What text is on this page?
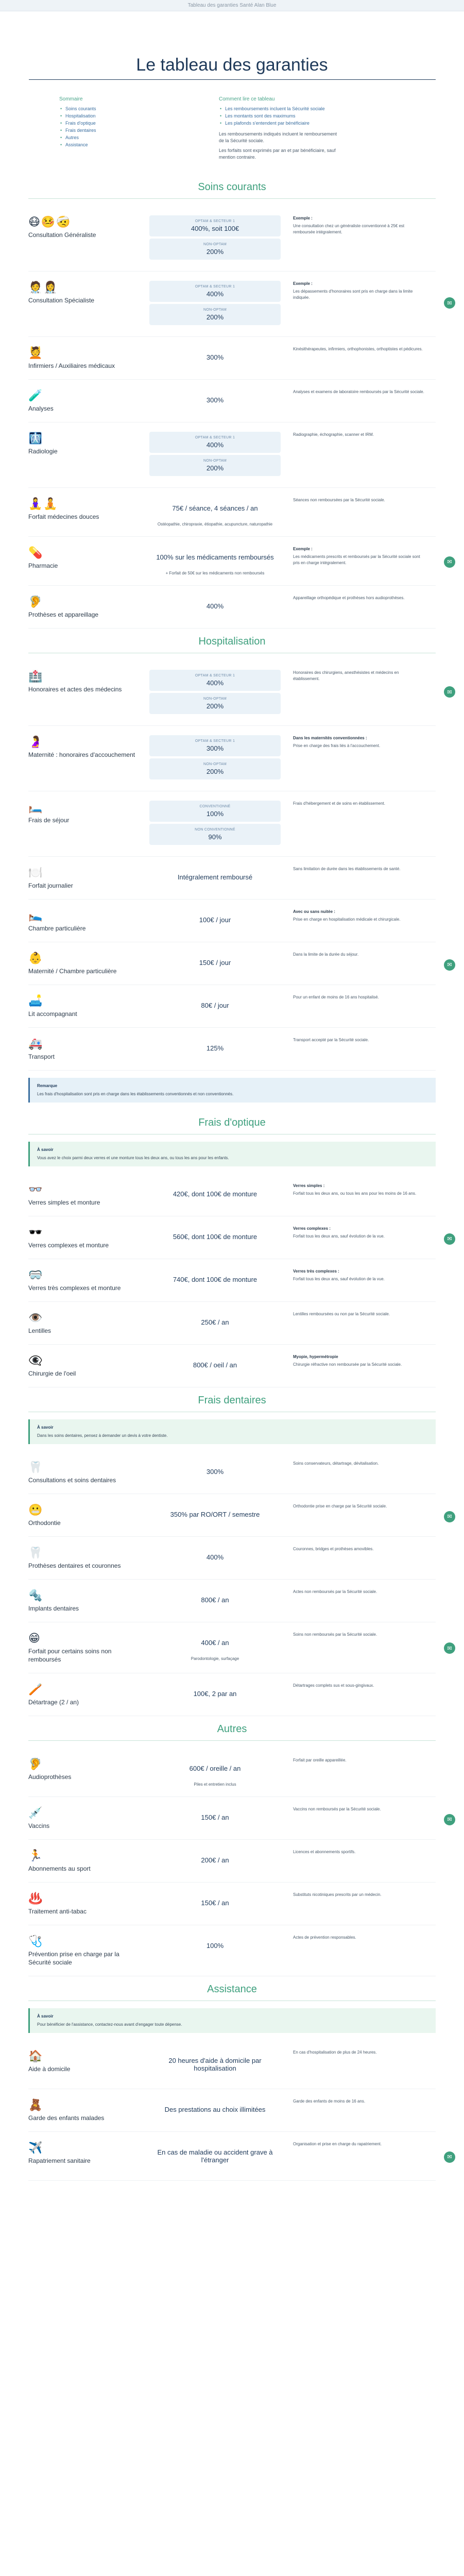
Tableau des garanties Santé Alan Blue
Le tableau des garanties
Sommaire
• Soins courants
• Hospitalisation
• Frais d'optique
• Frais dentaires
• Autres
• Assistance
Comment lire ce tableau
• Les remboursements incluent la Sécurité sociale
• Les montants sont des maximums
• Les plafonds s'entendent par bénéficiaire

Les remboursements indiqués incluent le remboursement de la Sécurité sociale.

Les forfaits sont exprimés par an et par bénéficiaire, sauf mention contraire.

Soins courants
😷🤒🤕
Consultation Généraliste
OPTAM & SECTEUR 1
400%, soit 100€
NON-OPTAM
200%
Exemple :
Une consultation chez un généraliste conventionné à 25€ est remboursée intégralement.
🧑‍⚕️👩‍⚕️
Consultation Spécialiste
OPTAM & SECTEUR 1
400%
NON-OPTAM
200%
Exemple :
Les dépassements d'honoraires sont pris en charge dans la limite indiquée.
✉
💆
Infirmiers / Auxiliaires médicaux
300%
Kinésithérapeutes, infirmiers, orthophonistes, orthoptistes et pédicures.
🧪
Analyses
300%
Analyses et examens de laboratoire remboursés par la Sécurité sociale.
🩻
Radiologie
OPTAM & SECTEUR 1
400%
NON-OPTAM
200%
Radiographie, échographie, scanner et IRM.
🧘‍♀️🧘
Forfait médecines douces
75€ / séance, 4 séances / an
Ostéopathie, chiropraxie, étiopathie, acupuncture, naturopathie
Séances non remboursées par la Sécurité sociale.
💊
Pharmacie
100% sur les médicaments remboursés
+ Forfait de 50€ sur les médicaments non remboursés
Exemple :
Les médicaments prescrits et remboursés par la Sécurité sociale sont pris en charge intégralement.	✉
🦻
Prothèses et appareillage
400%
Appareillage orthopédique et prothèses hors audioprothèses.
Hospitalisation
🏥
Honoraires et actes des médecins
OPTAM & SECTEUR 1
400%
NON-OPTAM
200%
Honoraires des chirurgiens, anesthésistes et médecins en établissement.
✉
🤰
Maternité : honoraires d'accouchement
OPTAM & SECTEUR 1
300%
NON-OPTAM
200%
Dans les maternités conventionnées :
Prise en charge des frais liés à l'accouchement.
🛏️
Frais de séjour
CONVENTIONNÉ
100%
NON CONVENTIONNÉ
90%
Frais d'hébergement et de soins en établissement.
🍽️
Forfait journalier
Intégralement remboursé
Sans limitation de durée dans les établissements de santé.
🛌
Chambre particulière
100€ / jour
Avec ou sans nuitée :
Prise en charge en hospitalisation médicale et chirurgicale.
👶
Maternité / Chambre particulière
150€ / jour
Dans la limite de la durée du séjour.
✉
🛋️
Lit accompagnant
80€ / jour
Pour un enfant de moins de 16 ans hospitalisé.
🚑
Transport
125%
Transport accepté par la Sécurité sociale.
Remarque
Les frais d'hospitalisation sont pris en charge dans les établissements conventionnés et non conventionnés.
Frais d'optique
À savoir
Vous avez le choix parmi deux verres et une monture tous les deux ans, ou tous les ans pour les enfants.
👓
Verres simples et monture
420€, dont 100€ de monture
Verres simples :
Forfait tous les deux ans, ou tous les ans pour les moins de 16 ans.
🕶️
Verres complexes et monture
560€, dont 100€ de monture
Verres complexes :
Forfait tous les deux ans, sauf évolution de la vue.	✉
🥽
Verres très complexes et monture
740€, dont 100€ de monture
Verres très complexes :
Forfait tous les deux ans, sauf évolution de la vue.
👁️
Lentilles
250€ / an
Lentilles remboursées ou non par la Sécurité sociale.
👁️‍🗨️
Chirurgie de l'oeil
800€ / oeil / an
Myopie, hypermétropie
Chirurgie réfractive non remboursée par la Sécurité sociale.
Frais dentaires
À savoir
Dans les soins dentaires, pensez à demander un devis à votre dentiste.
🦷
Consultations et soins dentaires
300%
Soins conservateurs, détartrage, dévitalisation.
😬
Orthodontie
350% par RO/ORT / semestre
Orthodontie prise en charge par la Sécurité sociale.
✉
🦷
Prothèses dentaires et couronnes
400%
Couronnes, bridges et prothèses amovibles.
🔩
Implants dentaires
800€ / an
Actes non remboursés par la Sécurité sociale.
😁
Forfait pour certains soins non remboursés
400€ / an
Parodontologie, surfaçage
Soins non remboursés par la Sécurité sociale.
✉
🪥
Détartrage (2 / an)
100€, 2 par an
Détartrages complets sus et sous-gingivaux.
Autres
🦻
Audioprothèses
600€ / oreille / an
Piles et entretien inclus
Forfait par oreille appareillée.
💉
Vaccins
150€ / an
Vaccins non remboursés par la Sécurité sociale.
✉
🏃
Abonnements au sport
200€ / an
Licences et abonnements sportifs.
♨️
Traitement anti-tabac
150€ / an
Substituts nicotiniques prescrits par un médecin.
🩺
Prévention prise en charge par la Sécurité sociale
100%
Actes de prévention responsables.
Assistance
À savoir
Pour bénéficier de l'assistance, contactez-nous avant d'engager toute dépense.
🏠
Aide à domicile
20 heures d'aide à domicile par hospitalisation
En cas d'hospitalisation de plus de 24 heures.
🧸
Garde des enfants malades
Des prestations au choix illimitées
Garde des enfants de moins de 16 ans.
✈️
Rapatriement sanitaire
En cas de maladie ou accident grave à l'étranger
Organisation et prise en charge du rapatriement.
✉
